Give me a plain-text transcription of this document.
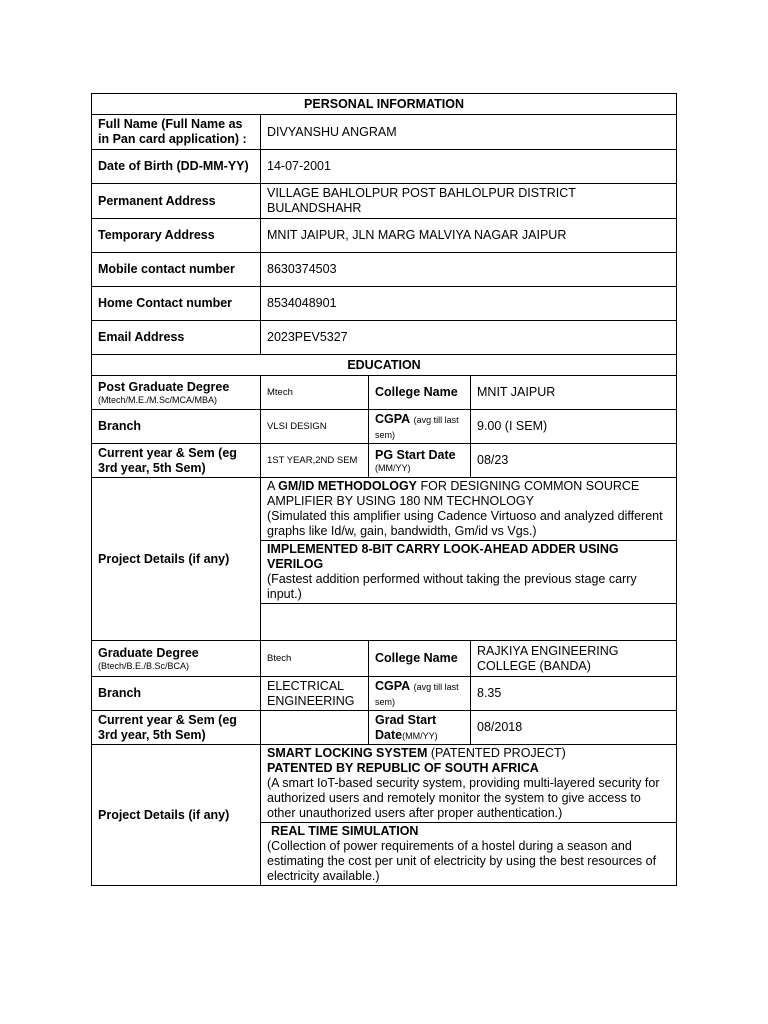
PERSONAL INFORMATION			
Full Name (Full Name as in Pan card application) :	DIVYANSHU ANGRAM		
Date of Birth (DD-MM-YY)	14-07-2001		
Permanent Address	VILLAGE BAHLOLPUR POST BAHLOLPUR DISTRICT BULANDSHAHR		
Temporary Address	MNIT JAIPUR, JLN MARG MALVIYA NAGAR JAIPUR		
Mobile contact number	8630374503		
Home Contact number	8534048901		
Email Address	2023PEV5327		
EDUCATION			

Post Graduate Degree
(Mtech/M.E./M.Sc/MCA/MBA)	Mtech	College Name	MNIT JAIPUR
Branch	VLSI DESIGN	CGPA (avg till last sem)	9.00 (I SEM)
Current year & Sem (eg 3rd year, 5th Sem)	1ST YEAR,2ND SEM	PG Start Date
(MM/YY)	08/23
Project Details (if any)	A GM/ID METHODOLOGY FOR DESIGNING COMMON SOURCE AMPLIFIER BY USING 180 NM TECHNOLOGY
(Simulated this amplifier using Cadence Virtuoso and analyzed different graphs like Id/w, gain, bandwidth, Gm/id vs Vgs.)		

	IMPLEMENTED 8-BIT CARRY LOOK-AHEAD ADDER USING VERILOG
(Fastest addition performed without taking the previous stage carry input.)		

Graduate Degree
(Btech/B.E./B.Sc/BCA)	Btech	College Name	RAJKIYA ENGINEERING COLLEGE (BANDA)
Branch	ELECTRICAL ENGINEERING	CGPA (avg till last sem)	8.35
Current year & Sem (eg 3rd year, 5th Sem)		Grad Start Date(MM/YY)	08/2018
Project Details (if any)	SMART LOCKING SYSTEM (PATENTED PROJECT)
PATENTED BY REPUBLIC OF SOUTH AFRICA
(A smart IoT-based security system, providing multi-layered security for authorized users and remotely monitor the system to give access to other unauthorized users after proper authentication.)		

	REAL TIME SIMULATION
(Collection of power requirements of a hostel during a season and estimating the cost per unit of electricity by using the best resources of electricity available.)		
